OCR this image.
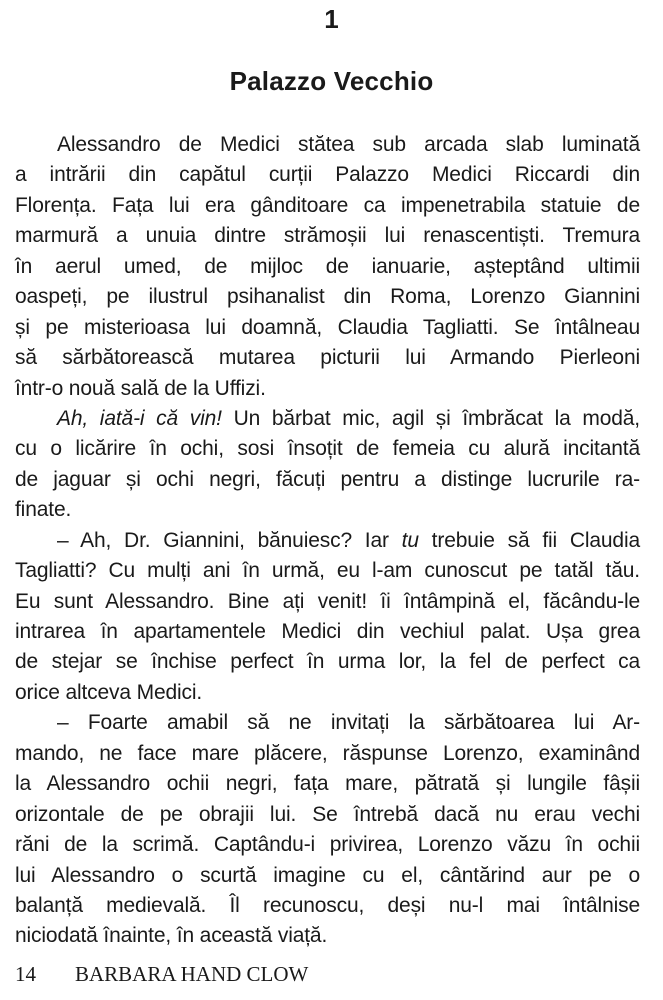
1
Palazzo Vecchio
Alessandro de Medici stătea sub arcada slab luminată
a intrării din capătul curții Palazzo Medici Riccardi din
Florența. Fața lui era gânditoare ca impenetrabila statuie de
marmură a unuia dintre strămoșii lui renascentiști. Tremura
în aerul umed, de mijloc de ianuarie, așteptând ultimii
oaspeți, pe ilustrul psihanalist din Roma, Lorenzo Giannini
și pe misterioasa lui doamnă, Claudia Tagliatti. Se întâlneau
să sărbătorească mutarea picturii lui Armando Pierleoni
într-o nouă sală de la Uffizi.
Ah, iată-i că vin! Un bărbat mic, agil și îmbrăcat la modă,
cu o licărire în ochi, sosi însoțit de femeia cu alură incitantă
de jaguar și ochi negri, făcuți pentru a distinge lucrurile ra-
finate.
– Ah, Dr. Giannini, bănuiesc? Iar tu trebuie să fii Claudia
Tagliatti? Cu mulți ani în urmă, eu l-am cunoscut pe tatăl tău.
Eu sunt Alessandro. Bine ați venit! îi întâmpină el, făcându-le
intrarea în apartamentele Medici din vechiul palat. Ușa grea
de stejar se închise perfect în urma lor, la fel de perfect ca
orice altceva Medici.
– Foarte amabil să ne invitați la sărbătoarea lui Ar-
mando, ne face mare plăcere, răspunse Lorenzo, examinând
la Alessandro ochii negri, fața mare, pătrată și lungile fâșii
orizontale de pe obrajii lui. Se întrebă dacă nu erau vechi
răni de la scrimă. Captându-i privirea, Lorenzo văzu în ochii
lui Alessandro o scurtă imagine cu el, cântărind aur pe o
balanță medievală. Îl recunoscu, deși nu-l mai întâlnise
niciodată înainte, în această viață.
14 BARBARA HAND CLOW
